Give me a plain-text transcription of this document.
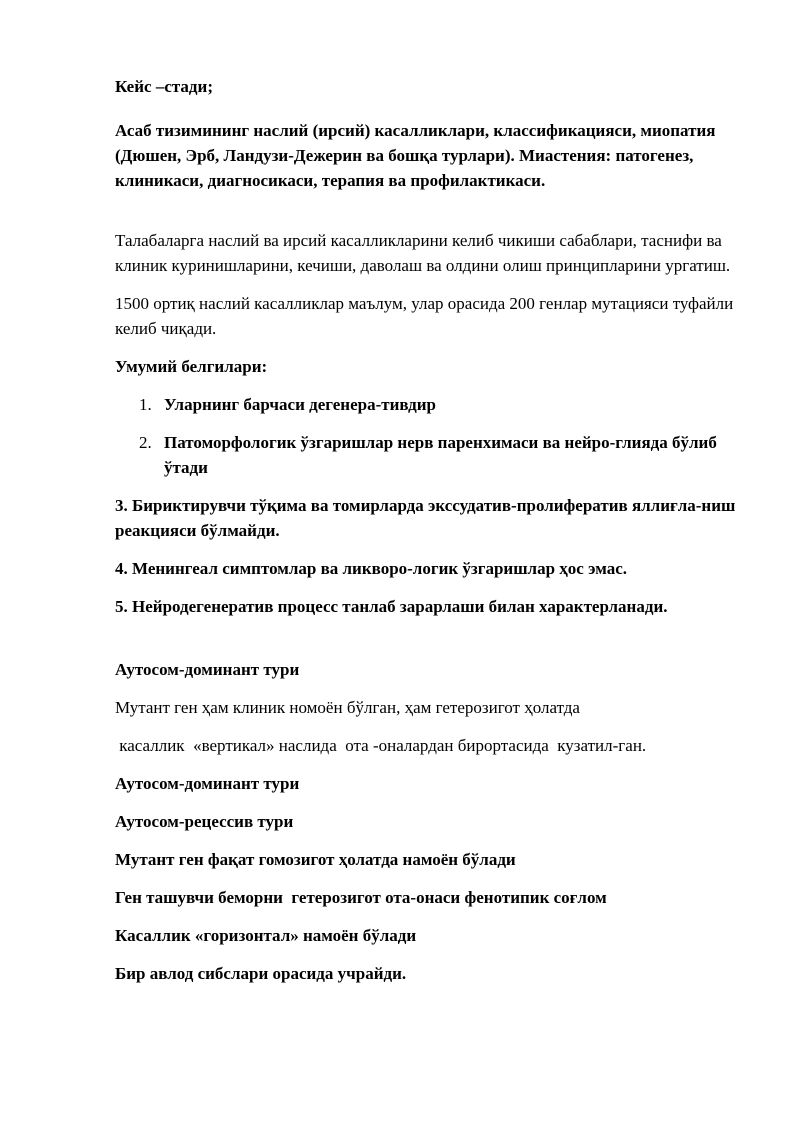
Кейс –стади;

Асаб тизимининг наслий (ирсий) касалликлари, классификацияси, миопатия (Дюшен, Эрб, Ландузи-Дежерин ва бошқа турлари). Миастения: патогенез, клиникаси, диагносикаси, терапия ва профилактикаси.

Талабаларга наслий ва ирсий касалликларини келиб чикиши сабаблари, таснифи ва клиник куринишларини, кечиши, даволаш ва олдини олиш принципларини ургатиш.

1500 ортиқ наслий касалликлар маълум, улар орасида 200 генлар мутацияси туфайли келиб чиқади.

Умумий белгилари:

1. Уларнинг барчаси дегенера-тивдир
2. Патоморфологик ўзгаришлар нерв паренхимаси ва нейро-глияда бўлиб ўтади

3. Бириктирувчи тўқима ва томирларда экссудатив-пролифератив яллиғла-ниш реакцияси бўлмайди.

4. Менингеал симптомлар ва ликворо-логик ўзгаришлар ҳос эмас.

5. Нейродегенератив процесс танлаб зарарлаши билан характерланади.

Аутосом-доминант тури

Мутант ген ҳам клиник номоён бўлган, ҳам гетерозигот ҳолатда

касаллик  «вертикал» наслида  ота -оналардан бирортасида  кузатил-ган.

Аутосом-доминант тури

Аутосом-рецессив тури

Мутант ген фақат гомозигот ҳолатда намоён бўлади

Ген ташувчи беморни  гетерозигот ота-онаси фенотипик соғлом

Касаллик «горизонтал» намоён бўлади

Бир авлод сибслари орасида учрайди.
